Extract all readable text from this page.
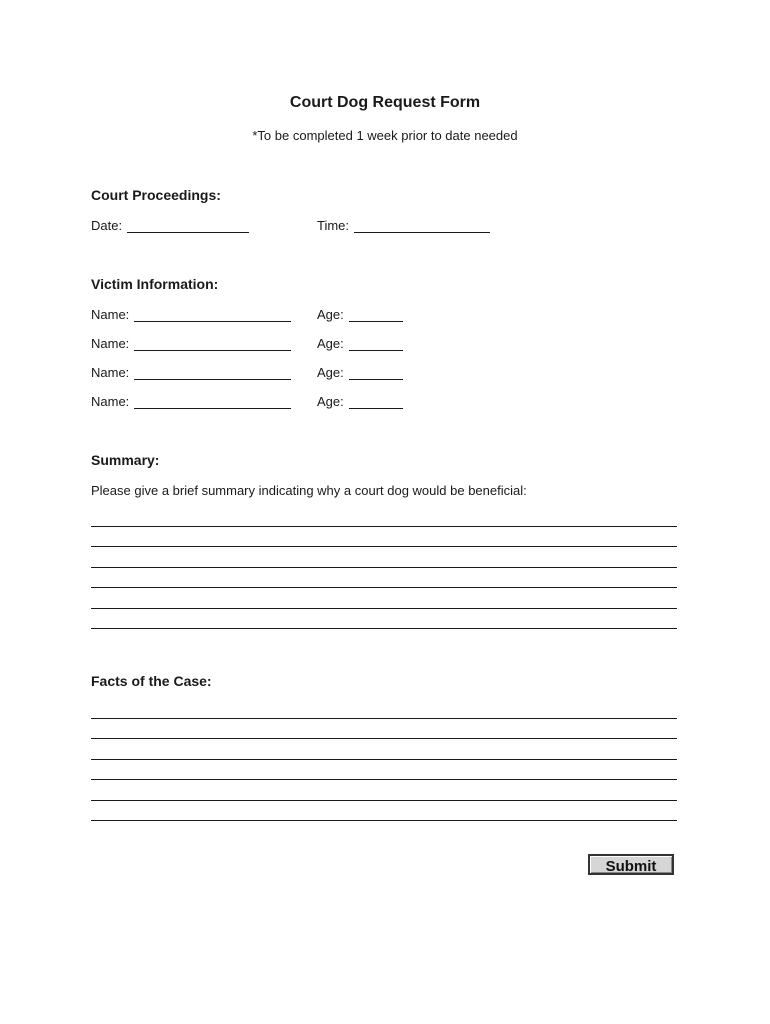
Court Dog Request Form
*To be completed 1 week prior to date needed
Court Proceedings:
Date:	Time:
Victim Information:
Name:	Age:
Name:	Age:
Name:	Age:
Name:	Age:
Summary:
Please give a brief summary indicating why a court dog would be beneficial:
Facts of the Case:
Submit
